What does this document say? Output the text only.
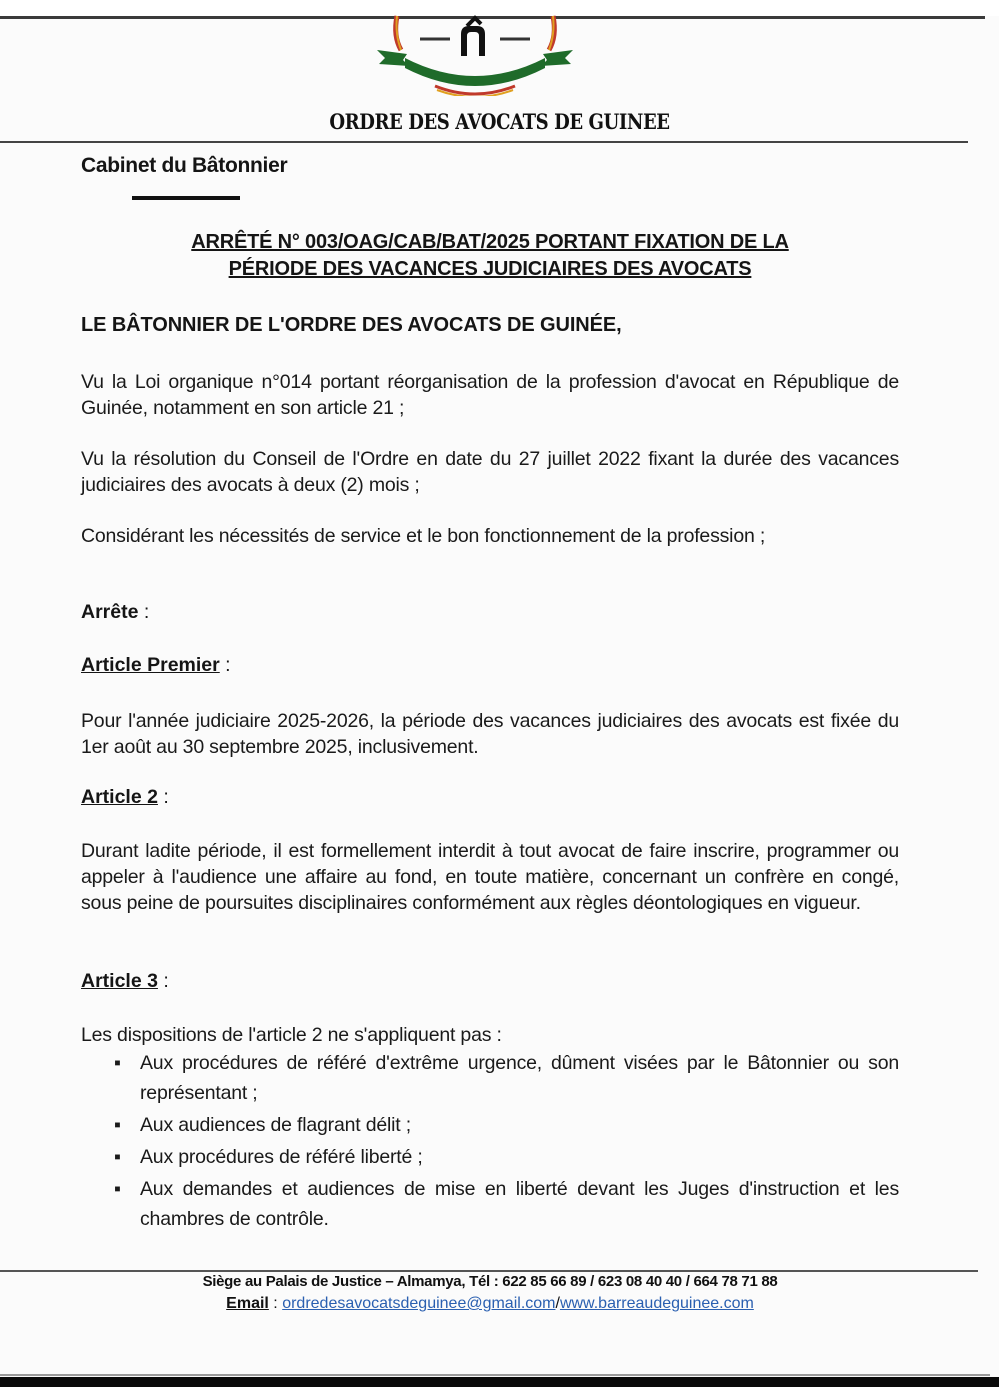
ORDRE DES AVOCATS DE GUINEE
Cabinet du Bâtonnier
ARRÊTÉ N° 003/OAG/CAB/BAT/2025 PORTANT FIXATION DE LA
PÉRIODE DES VACANCES JUDICIAIRES DES AVOCATS
LE BÂTONNIER DE L'ORDRE DES AVOCATS DE GUINÉE,
Vu la Loi organique n°014 portant réorganisation de la profession d'avocat en République de Guinée, notamment en son article 21 ;
Vu la résolution du Conseil de l'Ordre en date du 27 juillet 2022 fixant la durée des vacances judiciaires des avocats à deux (2) mois ;
Considérant les nécessités de service et le bon fonctionnement de la profession ;
Arrête :
Article Premier :
Pour l'année judiciaire 2025-2026, la période des vacances judiciaires des avocats est fixée du 1er août au 30 septembre 2025, inclusivement.
Article 2 :
Durant ladite période, il est formellement interdit à tout avocat de faire inscrire, programmer ou appeler à l'audience une affaire au fond, en toute matière, concernant un confrère en congé, sous peine de poursuites disciplinaires conformément aux règles déontologiques en vigueur.
Article 3 :
Les dispositions de l'article 2 ne s'appliquent pas :
▪ Aux procédures de référé d'extrême urgence, dûment visées par le Bâtonnier ou son représentant ;
▪ Aux audiences de flagrant délit ;
▪ Aux procédures de référé liberté ;
▪ Aux demandes et audiences de mise en liberté devant les Juges d'instruction et les chambres de contrôle.
Siège au Palais de Justice – Almamya, Tél : 622 85 66 89 / 623 08 40 40 / 664 78 71 88
Email : ordredesavocatsdeguinee@gmail.com/www.barreaudeguinee.com
